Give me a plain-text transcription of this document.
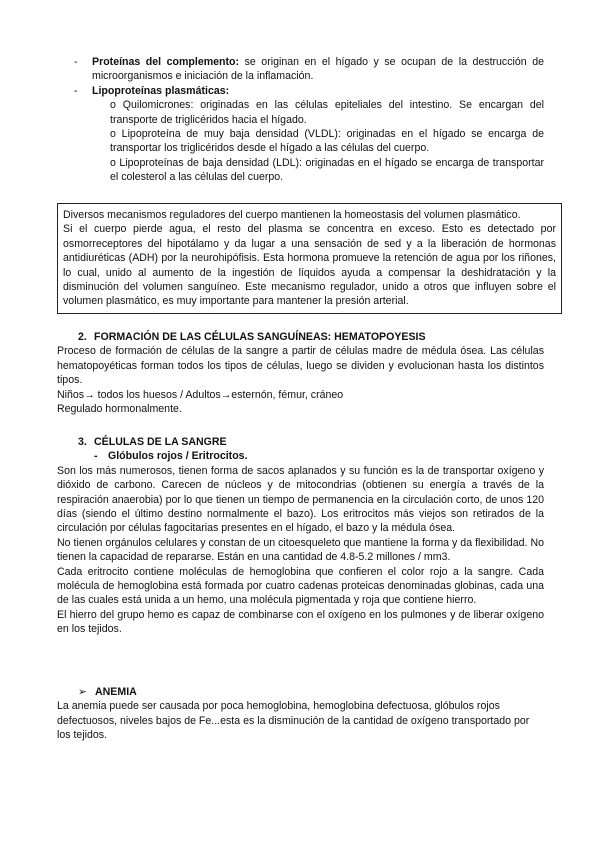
- Proteínas del complemento: se originan en el hígado y se ocupan de la destrucción de microorganismos e iniciación de la inflamación.
- Lipoproteínas plasmáticas:

o Quilomicrones: originadas en las células epiteliales del intestino. Se encargan del transporte de triglicéridos hacia el hígado.

o Lipoproteína de muy baja densidad (VLDL): originadas en el hígado se encarga de transportar los triglicéridos desde el hígado a las células del cuerpo.

o Lipoproteínas de baja densidad (LDL): originadas en el hígado se encarga de transportar el colesterol a las células del cuerpo.

Diversos mecanismos reguladores del cuerpo mantienen la homeostasis del volumen plasmático.

Si el cuerpo pierde agua, el resto del plasma se concentra en exceso. Esto es detectado por osmorreceptores del hipotálamo y da lugar a una sensación de sed y a la liberación de hormonas antidiuréticas (ADH) por la neurohipófisis. Esta hormona promueve la retención de agua por los riñones, lo cual, unido al aumento de la ingestión de líquidos ayuda a compensar la deshidratación y la disminución del volumen sanguíneo. Este mecanismo regulador, unido a otros que influyen sobre el volumen plasmático, es muy importante para mantener la presión arterial.

2. FORMACIÓN DE LAS CÉLULAS SANGUÍNEAS: HEMATOPOYESIS

Proceso de formación de células de la sangre a partir de células madre de médula ósea. Las células hematopoyéticas forman todos los tipos de células, luego se dividen y evolucionan hasta los distintos tipos.

Niños→ todos los huesos / Adultos→esternón, fémur, cráneo

Regulado hormonalmente.

3. CÉLULAS DE LA SANGRE
- Glóbulos rojos / Eritrocitos.

Son los más numerosos, tienen forma de sacos aplanados y su función es la de transportar oxígeno y dióxido de carbono. Carecen de núcleos y de mitocondrias (obtienen su energía a través de la respiración anaerobia) por lo que tienen un tiempo de permanencia en la circulación corto, de unos 120 días (siendo el último destino normalmente el bazo). Los eritrocitos más viejos son retirados de la circulación por células fagocitarias presentes en el hígado, el bazo y la médula ósea.

No tienen orgánulos celulares y constan de un citoesqueleto que mantiene la forma y da flexibilidad. No tienen la capacidad de repararse. Están en una cantidad de 4.8-5.2 millones / mm3.

Cada eritrocito contiene moléculas de hemoglobina que confieren el color rojo a la sangre. Cada molécula de hemoglobina está formada por cuatro cadenas proteicas denominadas globinas, cada una de las cuales está unida a un hemo, una molécula pigmentada y roja que contiene hierro.

El hierro del grupo hemo es capaz de combinarse con el oxígeno en los pulmones y de liberar oxígeno en los tejidos.

➢ ANEMIA

La anemia puede ser causada por poca hemoglobina, hemoglobina defectuosa, glóbulos rojos defectuosos, niveles bajos de Fe...esta es la disminución de la cantidad de oxígeno transportado por los tejidos.
